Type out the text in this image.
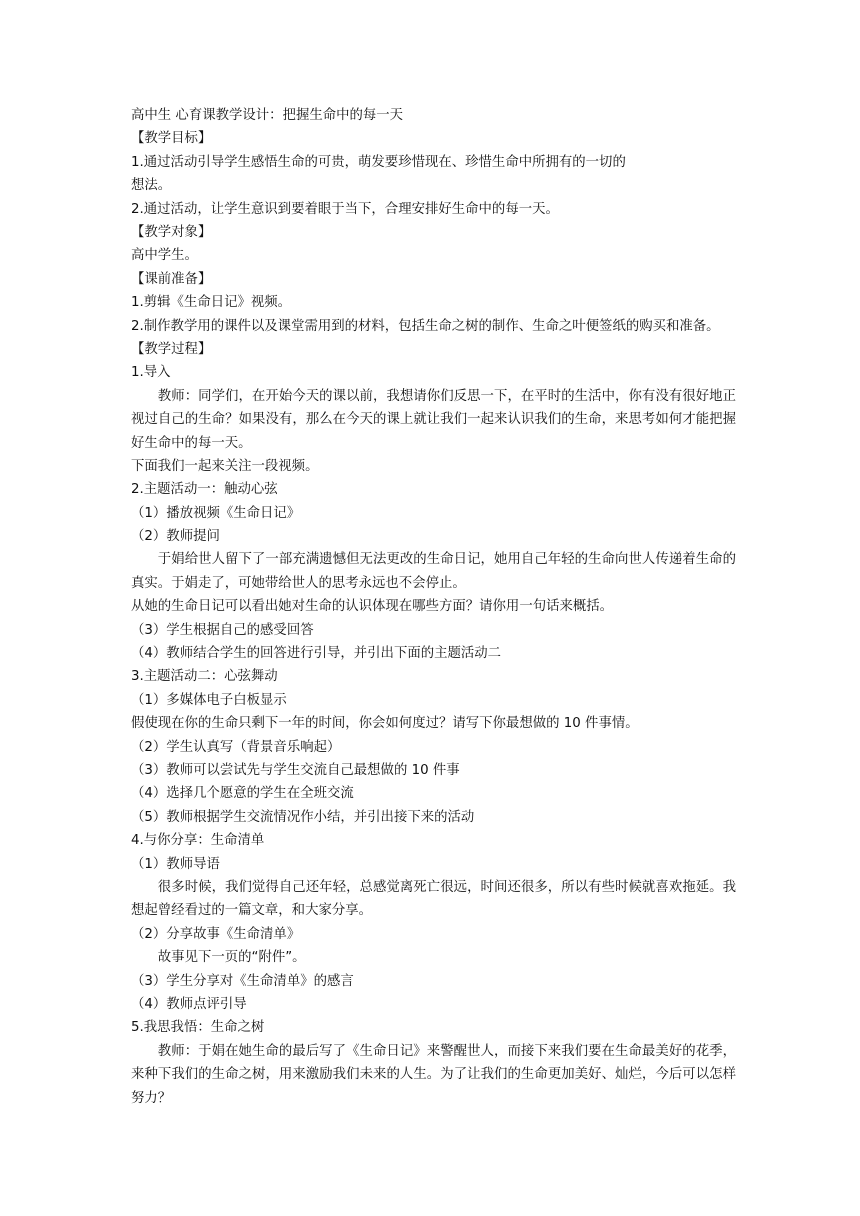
高中生 心育课教学设计：把握生命中的每一天
【教学目标】
1.通过活动引导学生感悟生命的可贵，萌发要珍惜现在、珍惜生命中所拥有的一切的
想法。
2.通过活动，让学生意识到要着眼于当下，合理安排好生命中的每一天。
【教学对象】
高中学生。
【课前准备】
1.剪辑《生命日记》视频。
2.制作教学用的课件以及课堂需用到的材料，包括生命之树的制作、生命之叶便签纸的购买和准备。
【教学过程】
1.导入
教师：同学们，在开始今天的课以前，我想请你们反思一下，在平时的生活中，你有没有很好地正视过自己的生命？如果没有，那么在今天的课上就让我们一起来认识我们的生命，来思考如何才能把握好生命中的每一天。
下面我们一起来关注一段视频。
2.主题活动一：触动心弦
（1）播放视频《生命日记》
（2）教师提问
于娟给世人留下了一部充满遗憾但无法更改的生命日记，她用自己年轻的生命向世人传递着生命的真实。于娟走了，可她带给世人的思考永远也不会停止。
从她的生命日记可以看出她对生命的认识体现在哪些方面？请你用一句话来概括。
（3）学生根据自己的感受回答
（4）教师结合学生的回答进行引导，并引出下面的主题活动二
3.主题活动二：心弦舞动
（1）多媒体电子白板显示
假使现在你的生命只剩下一年的时间，你会如何度过？请写下你最想做的 10 件事情。
（2）学生认真写（背景音乐响起）
（3）教师可以尝试先与学生交流自己最想做的 10 件事
（4）选择几个愿意的学生在全班交流
（5）教师根据学生交流情况作小结，并引出接下来的活动
4.与你分享：生命清单
（1）教师导语
很多时候，我们觉得自己还年轻，总感觉离死亡很远，时间还很多，所以有些时候就喜欢拖延。我想起曾经看过的一篇文章，和大家分享。
（2）分享故事《生命清单》
故事见下一页的“附件”。
（3）学生分享对《生命清单》的感言
（4）教师点评引导
5.我思我悟：生命之树
教师：于娟在她生命的最后写了《生命日记》来警醒世人，而接下来我们要在生命最美好的花季，来种下我们的生命之树，用来激励我们未来的人生。为了让我们的生命更加美好、灿烂，今后可以怎样努力？
